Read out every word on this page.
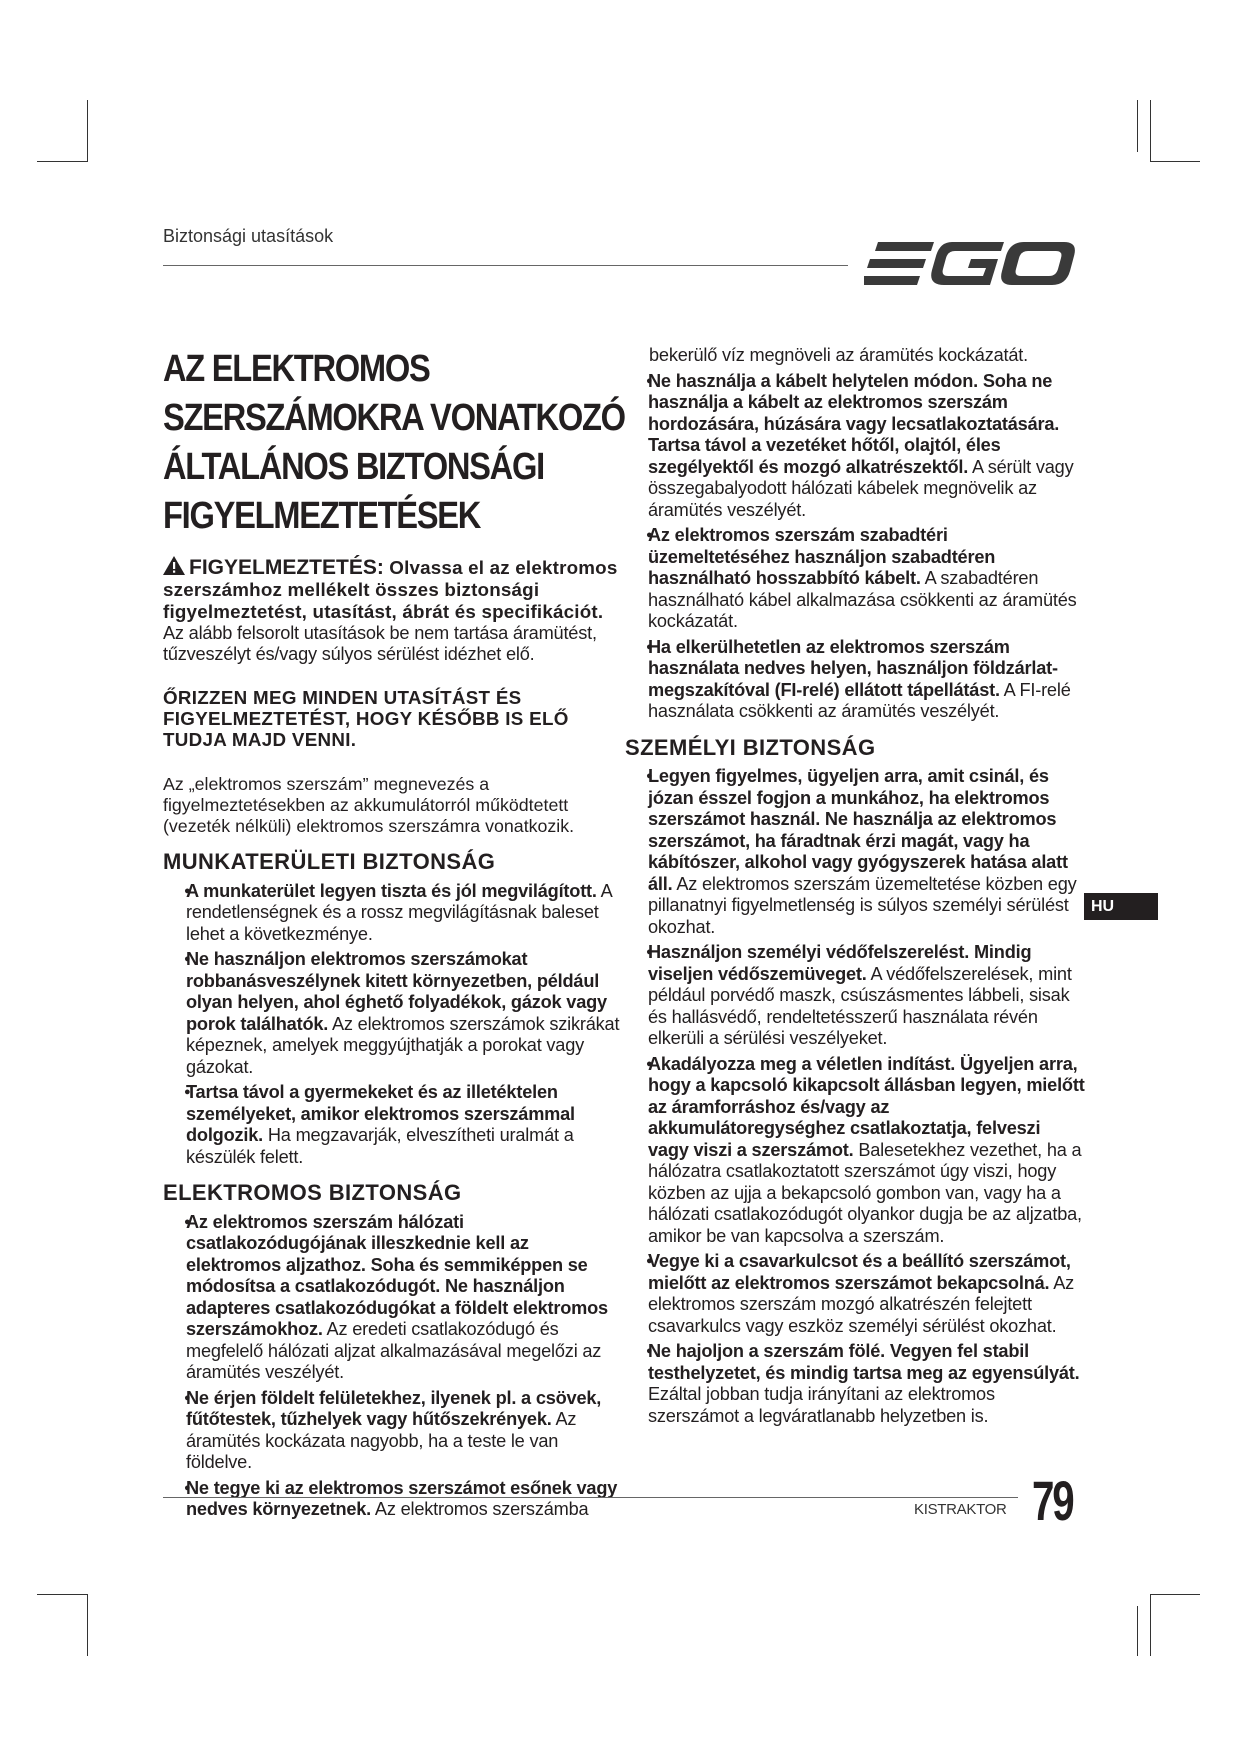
Biztonsági utasítások
AZ ELEKTROMOS SZERSZÁMOKRA VONATKOZÓ ÁLTALÁNOS BIZTONSÁGI FIGYELMEZTETÉSEK
FIGYELMEZTETÉS: Olvassa el az elektromos szerszámhoz mellékelt összes biztonsági figyelmeztetést, utasítást, ábrát és specifikációt. Az alább felsorolt utasítások be nem tartása áramütést, tűzveszélyt és/vagy súlyos sérülést idézhet elő.
ŐRIZZEN MEG MINDEN UTASÍTÁST ÉS FIGYELMEZTETÉST, HOGY KÉSŐBB IS ELŐ TUDJA MAJD VENNI.
Az „elektromos szerszám” megnevezés a figyelmeztetésekben az akkumulátorról működtetett (vezeték nélküli) elektromos szerszámra vonatkozik.
MUNKATERÜLETI BIZTONSÁG
● A munkaterület legyen tiszta és jól megvilágított. A rendetlenségnek és a rossz megvilágításnak baleset lehet a következménye.
● Ne használjon elektromos szerszámokat robbanásveszélynek kitett környezetben, például olyan helyen, ahol éghető folyadékok, gázok vagy porok találhatók. Az elektromos szerszámok szikrákat képeznek, amelyek meggyújthatják a porokat vagy gázokat.
● Tartsa távol a gyermekeket és az illetéktelen személyeket, amikor elektromos szerszámmal dolgozik. Ha megzavarják, elveszítheti uralmát a készülék felett.
ELEKTROMOS BIZTONSÁG
● Az elektromos szerszám hálózati csatlakozódugójának illeszkednie kell az elektromos aljzathoz. Soha és semmiképpen se módosítsa a csatlakozódugót. Ne használjon adapteres csatlakozódugókat a földelt elektromos szerszámokhoz. Az eredeti csatlakozódugó és megfelelő hálózati aljzat alkalmazásával megelőzi az áramütés veszélyét.
● Ne érjen földelt felületekhez, ilyenek pl. a csövek, fűtőtestek, tűzhelyek vagy hűtőszekrények. Az áramütés kockázata nagyobb, ha a teste le van földelve.
● Ne tegye ki az elektromos szerszámot esőnek vagy nedves környezetnek. Az elektromos szerszámba
bekerülő víz megnöveli az áramütés kockázatát.
● Ne használja a kábelt helytelen módon. Soha ne használja a kábelt az elektromos szerszám hordozására, húzására vagy lecsatlakoztatására. Tartsa távol a vezetéket hőtől, olajtól, éles szegélyektől és mozgó alkatrészektől. A sérült vagy összegabalyodott hálózati kábelek megnövelik az áramütés veszélyét.
● Az elektromos szerszám szabadtéri üzemeltetéséhez használjon szabadtéren használható hosszabbító kábelt. A szabadtéren használható kábel alkalmazása csökkenti az áramütés kockázatát.
● Ha elkerülhetetlen az elektromos szerszám használata nedves helyen, használjon földzárlat-megszakítóval (FI-relé) ellátott tápellátást. A FI-relé használata csökkenti az áramütés veszélyét.
SZEMÉLYI BIZTONSÁG
● Legyen figyelmes, ügyeljen arra, amit csinál, és józan ésszel fogjon a munkához, ha elektromos szerszámot használ. Ne használja az elektromos szerszámot, ha fáradtnak érzi magát, vagy ha kábítószer, alkohol vagy gyógyszerek hatása alatt áll. Az elektromos szerszám üzemeltetése közben egy pillanatnyi figyelmetlenség is súlyos személyi sérülést okozhat.
● Használjon személyi védőfelszerelést. Mindig viseljen védőszemüveget. A védőfelszerelések, mint például porvédő maszk, csúszásmentes lábbeli, sisak és hallásvédő, rendeltetésszerű használata révén elkerüli a sérülési veszélyeket.
● Akadályozza meg a véletlen indítást. Ügyeljen arra, hogy a kapcsoló kikapcsolt állásban legyen, mielőtt az áramforráshoz és/vagy az akkumulátoregységhez csatlakoztatja, felveszi vagy viszi a szerszámot. Balesetekhez vezethet, ha a hálózatra csatlakoztatott szerszámot úgy viszi, hogy közben az ujja a bekapcsoló gombon van, vagy ha a hálózati csatlakozódugót olyankor dugja be az aljzatba, amikor be van kapcsolva a szerszám.
● Vegye ki a csavarkulcsot és a beállító szerszámot, mielőtt az elektromos szerszámot bekapcsolná. Az elektromos szerszám mozgó alkatrészén felejtett csavarkulcs vagy eszköz személyi sérülést okozhat.
● Ne hajoljon a szerszám fölé. Vegyen fel stabil testhelyzetet, és mindig tartsa meg az egyensúlyát. Ezáltal jobban tudja irányítani az elektromos szerszámot a legváratlanabb helyzetben is.
HU
KISTRAKTOR 79
